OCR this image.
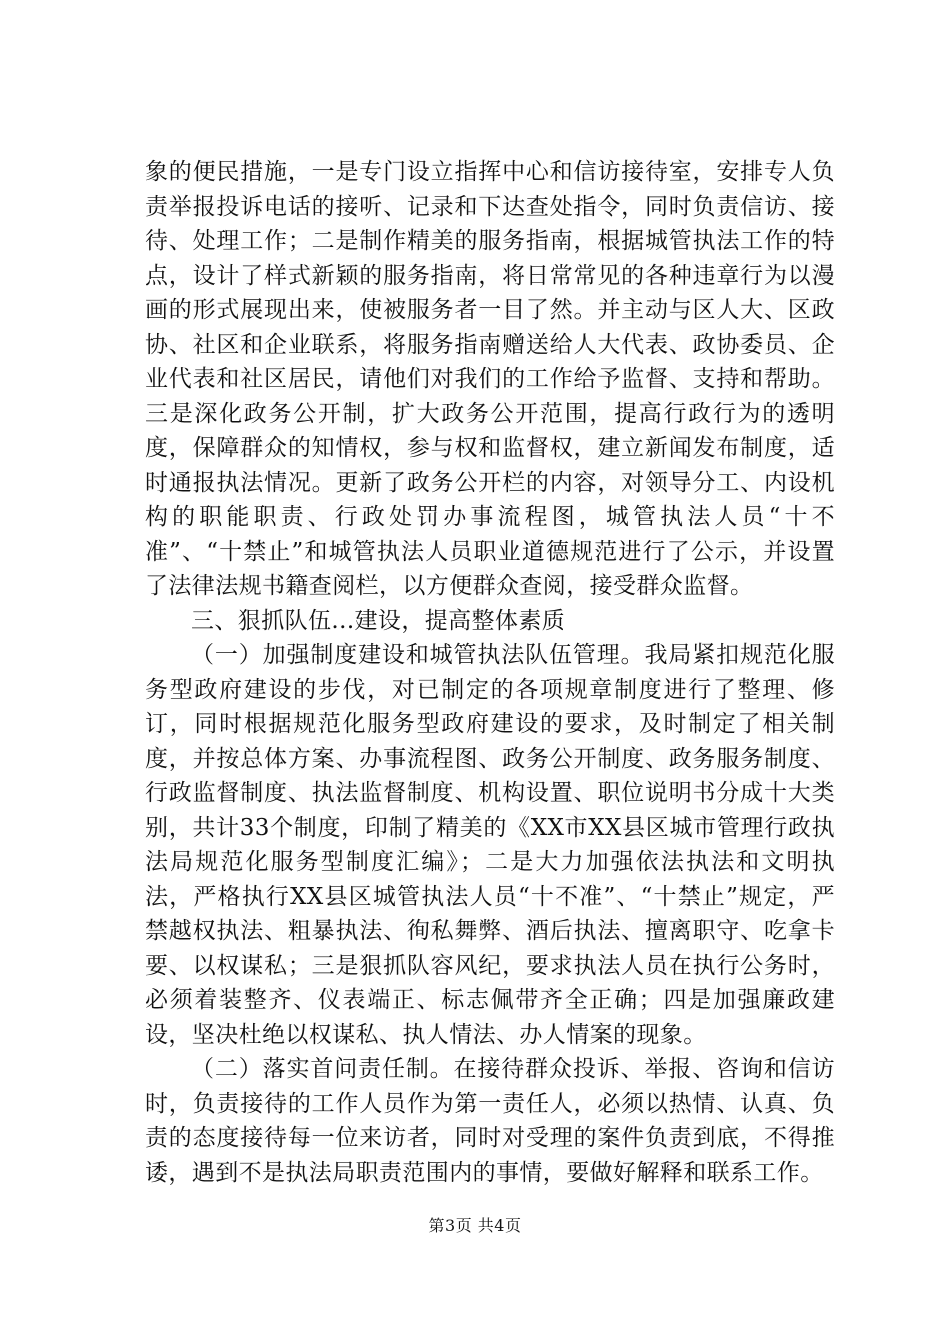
象的便民措施，一是专门设立指挥中心和信访接待室，安排专人负责举报投诉电话的接听、记录和下达查处指令，同时负责信访、接待、处理工作；二是制作精美的服务指南，根据城管执法工作的特点，设计了样式新颖的服务指南，将日常常见的各种违章行为以漫画的形式展现出来，使被服务者一目了然。并主动与区人大、区政协、社区和企业联系，将服务指南赠送给人大代表、政协委员、企业代表和社区居民，请他们对我们的工作给予监督、支持和帮助。三是深化政务公开制，扩大政务公开范围，提高行政行为的透明度，保障群众的知情权，参与权和监督权，建立新闻发布制度，适时通报执法情况。更新了政务公开栏的内容，对领导分工、内设机构的职能职责、行政处罚办事流程图，城管执法人员“十不准”、“十禁止”和城管执法人员职业道德规范进行了公示，并设置了法律法规书籍查阅栏，以方便群众查阅，接受群众监督。

三、狠抓队伍...建设，提高整体素质

（一）加强制度建设和城管执法队伍管理。我局紧扣规范化服务型政府建设的步伐，对已制定的各项规章制度进行了整理、修订，同时根据规范化服务型政府建设的要求，及时制定了相关制度，并按总体方案、办事流程图、政务公开制度、政务服务制度、行政监督制度、执法监督制度、机构设置、职位说明书分成十大类别，共计33个制度，印制了精美的《XX市XX县区城市管理行政执法局规范化服务型制度汇编》；二是大力加强依法执法和文明执法，严格执行XX县区城管执法人员“十不准”、“十禁止”规定，严禁越权执法、粗暴执法、徇私舞弊、酒后执法、擅离职守、吃拿卡要、以权谋私；三是狠抓队容风纪，要求执法人员在执行公务时，必须着装整齐、仪表端正、标志佩带齐全正确；四是加强廉政建设，坚决杜绝以权谋私、执人情法、办人情案的现象。

（二）落实首问责任制。在接待群众投诉、举报、咨询和信访时，负责接待的工作人员作为第一责任人，必须以热情、认真、负责的态度接待每一位来访者，同时对受理的案件负责到底，不得推诿，遇到不是执法局职责范围内的事情，要做好解释和联系工作。

第3页 共4页
